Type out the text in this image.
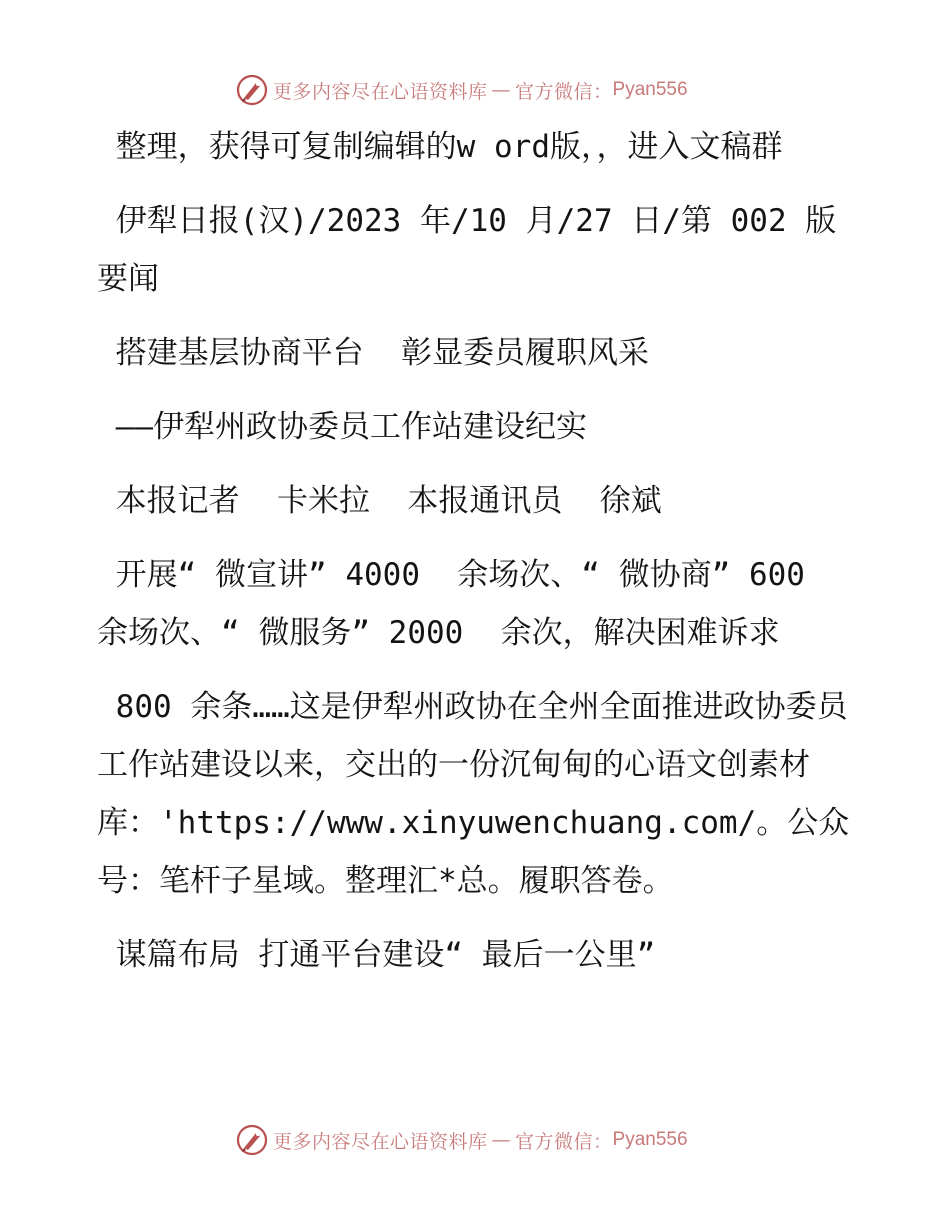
更多内容尽在心语资料库 — 官方微信： Pyan556

整理，获得可复制编辑的w ord版，，进入文稿群

伊犁日报(汉)/2023 年/10 月/27 日/第 002 版要闻

搭建基层协商平台  彰显委员履职风采

——伊犁州政协委员工作站建设纪实

本报记者  卡米拉  本报通讯员  徐斌

开展“ 微宣讲” 4000  余场次、“ 微协商” 600  余场次、“ 微服务” 2000  余次，解决困难诉求

800 余条……这是伊犁州政协在全州全面推进政协委员工作站建设以来，交出的一份沉甸甸的心语文创素材库：'https://www.xinyuwenchuang.com/。公众号：笔杆子星域。整理汇*总。履职答卷。

谋篇布局 打通平台建设“ 最后一公里”

更多内容尽在心语资料库 — 官方微信： Pyan556
